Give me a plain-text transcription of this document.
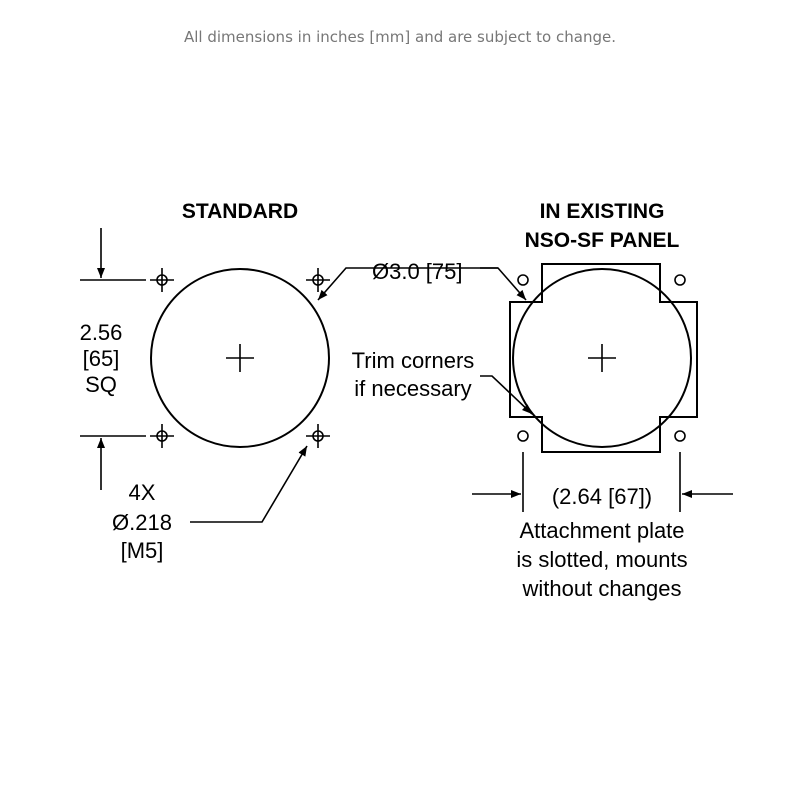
All dimensions in inches [mm] and are subject to change.
STANDARD
2.56
[65]
SQ
4X
Ø.218
[M5]
Ø3.0 [75]
IN EXISTING
NSO-SF PANEL
Trim corners
if necessary
(2.64 [67])
Attachment plate
is slotted, mounts
without changes
